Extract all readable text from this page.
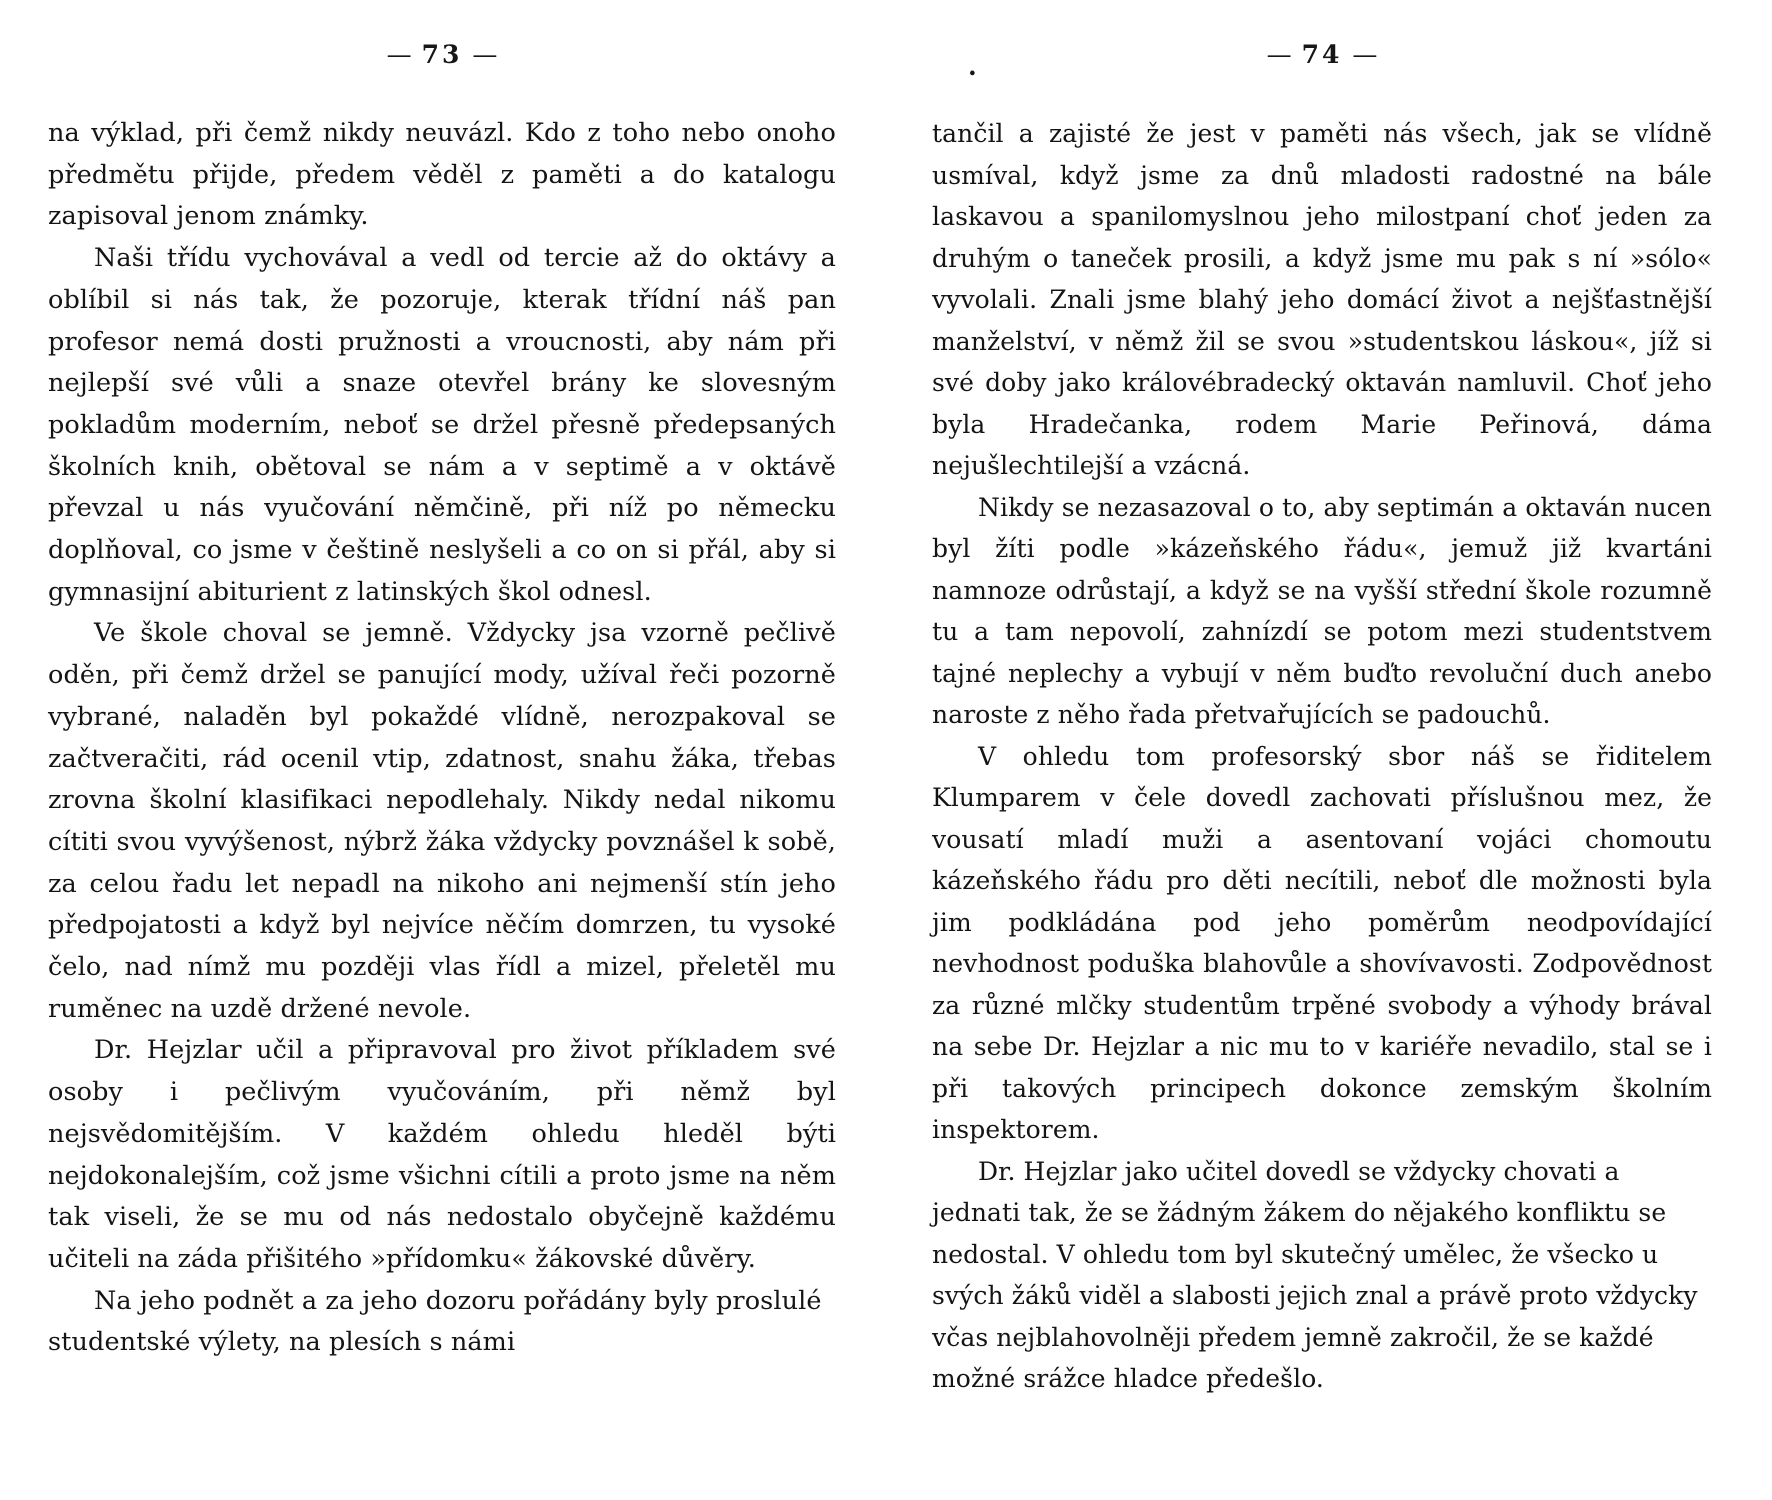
— 73 —

na výklad, při čemž nikdy neuvázl. Kdo z toho nebo onoho předmětu přijde, předem věděl z paměti a do katalogu zapisoval jenom známky.

Naši třídu vychovával a vedl od tercie až do oktávy a oblíbil si nás tak, že pozoruje, kterak třídní náš pan profesor nemá dosti pružnosti a vroucnosti, aby nám při nejlepší své vůli a snaze otevřel brány ke slovesným pokladům moderním, neboť se držel přesně předepsaných školních knih, obětoval se nám a v septimě a v oktávě převzal u nás vyučování němčině, při níž po německu doplňoval, co jsme v češtině neslyšeli a co on si přál, aby si gymnasijní abiturient z latinských škol odnesl.

Ve škole choval se jemně. Vždycky jsa vzorně pečlivě oděn, při čemž držel se panující mody, užíval řeči pozorně vybrané, naladěn byl pokaždé vlídně, nerozpakoval se začtveračiti, rád ocenil vtip, zdatnost, snahu žáka, třebas zrovna školní klasifikaci nepodlehaly. Nikdy nedal nikomu cítiti svou vyvýšenost, nýbrž žáka vždycky povznášel k sobě, za celou řadu let nepadl na nikoho ani nejmenší stín jeho předpojatosti a když byl nejvíce něčím domrzen, tu vysoké čelo, nad nímž mu později vlas řídl a mizel, přeletěl mu ruměnec na uzdě držené nevole.

Dr. Hejzlar učil a připravoval pro život příkladem své osoby i pečlivým vyučováním, při němž byl nejsvědomitějším. V každém ohledu hleděl býti nejdokonalejším, což jsme všichni cítili a proto jsme na něm tak viseli, že se mu od nás nedostalo obyčejně každému učiteli na záda přišitého »přídomku« žákovské důvěry.

Na jeho podnět a za jeho dozoru pořádány byly proslulé studentské výlety, na plesích s námi

.	— 74 —

tančil a zajisté že jest v paměti nás všech, jak se vlídně usmíval, když jsme za dnů mladosti radostné na bále laskavou a spanilomyslnou jeho milostpaní choť jeden za druhým o taneček prosili, a když jsme mu pak s ní »sólo« vyvolali. Znali jsme blahý jeho domácí život a nejšťastnější manželství, v němž žil se svou »studentskou láskou«, jíž si své doby jako královébradecký oktaván namluvil. Choť jeho byla Hradečanka, rodem Marie Peřinová, dáma nejušlechtilejší a vzácná.

Nikdy se nezasazoval o to, aby septimán a oktaván nucen byl žíti podle »kázeňského řádu«, jemuž již kvartáni namnoze odrůstají, a když se na vyšší střední škole rozumně tu a tam nepovolí, zahnízdí se potom mezi studentstvem tajné neplechy a vybují v něm buďto revoluční duch anebo naroste z něho řada přetvařujících se padouchů.

V ohledu tom profesorský sbor náš se řiditelem Klumparem v čele dovedl zachovati příslušnou mez, že vousatí mladí muži a asentovaní vojáci chomoutu kázeňského řádu pro děti necítili, neboť dle možnosti byla jim podkládána pod jeho poměrům neodpovídající nevhodnost poduška blahovůle a shovívavosti. Zodpovědnost za různé mlčky studentům trpěné svobody a výhody brával na sebe Dr. Hejzlar a nic mu to v kariéře nevadilo, stal se i při takových principech dokonce zemským školním inspektorem.

Dr. Hejzlar jako učitel dovedl se vždycky chovati a jednati tak, že se žádným žákem do nějakého konfliktu se nedostal. V ohledu tom byl skutečný umělec, že všecko u svých žáků viděl a slabosti jejich znal a právě proto vždycky včas nejblahovolněji předem jemně zakročil, že se každé možné srážce hladce předešlo.
